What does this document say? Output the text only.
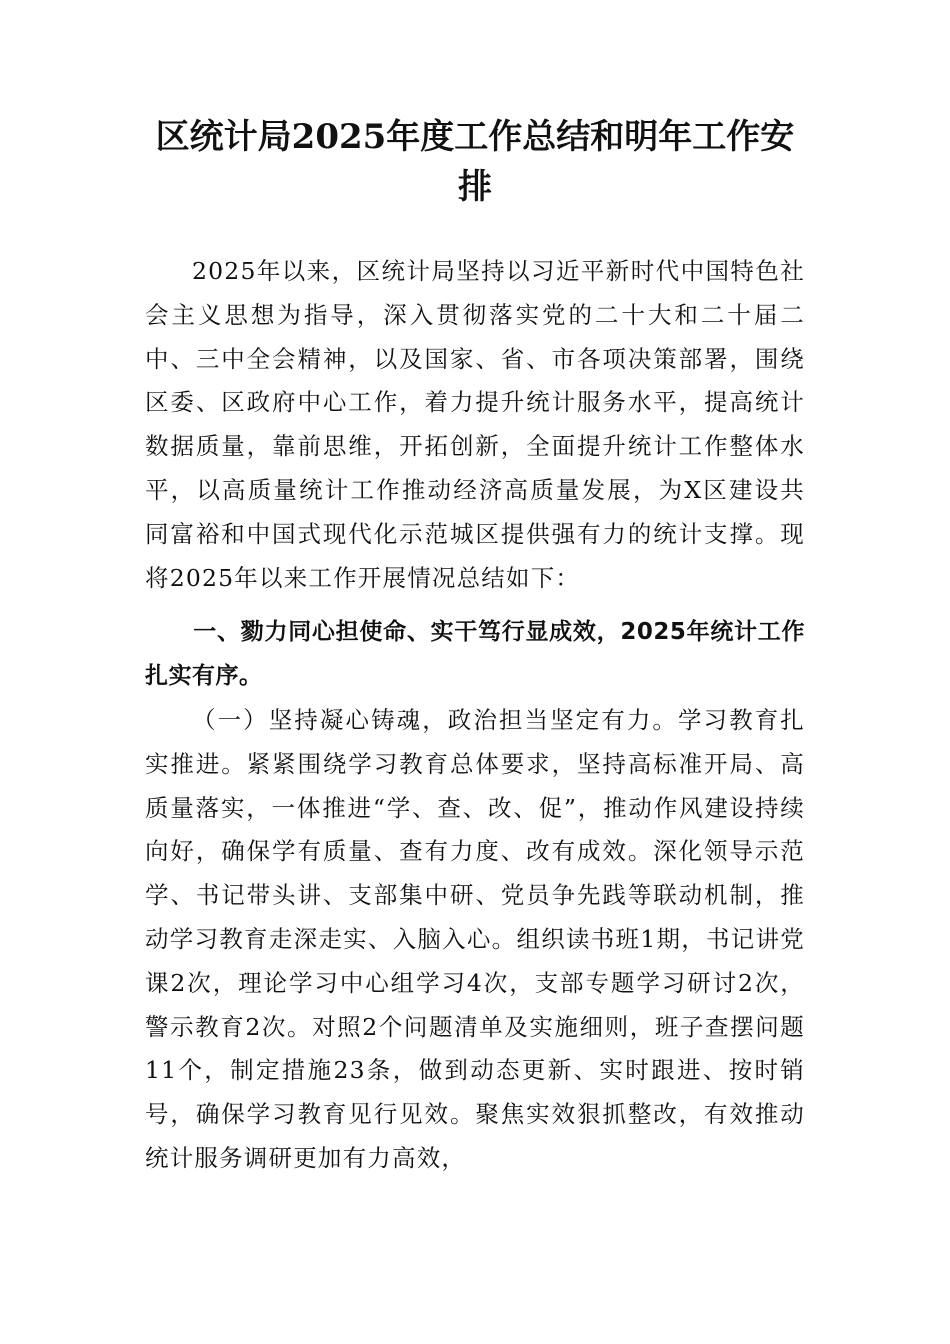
区统计局2025年度工作总结和明年工作安排

2025年以来，区统计局坚持以习近平新时代中国特色社会主义思想为指导，深入贯彻落实党的二十大和二十届二中、三中全会精神，以及国家、省、市各项决策部署，围绕区委、区政府中心工作，着力提升统计服务水平，提高统计数据质量，靠前思维，开拓创新，全面提升统计工作整体水平，以高质量统计工作推动经济高质量发展，为X区建设共同富裕和中国式现代化示范城区提供强有力的统计支撑。现将2025年以来工作开展情况总结如下：

一、勠力同心担使命、实干笃行显成效，2025年统计工作扎实有序。

（一）坚持凝心铸魂，政治担当坚定有力。学习教育扎实推进。紧紧围绕学习教育总体要求，坚持高标准开局、高质量落实，一体推进“学、查、改、促”，推动作风建设持续向好，确保学有质量、查有力度、改有成效。深化领导示范学、书记带头讲、支部集中研、党员争先践等联动机制，推动学习教育走深走实、入脑入心。组织读书班1期，书记讲党课2次，理论学习中心组学习4次，支部专题学习研讨2次，警示教育2次。对照2个问题清单及实施细则，班子查摆问题11个，制定措施23条，做到动态更新、实时跟进、按时销号，确保学习教育见行见效。聚焦实效狠抓整改，有效推动统计服务调研更加有力高效，
